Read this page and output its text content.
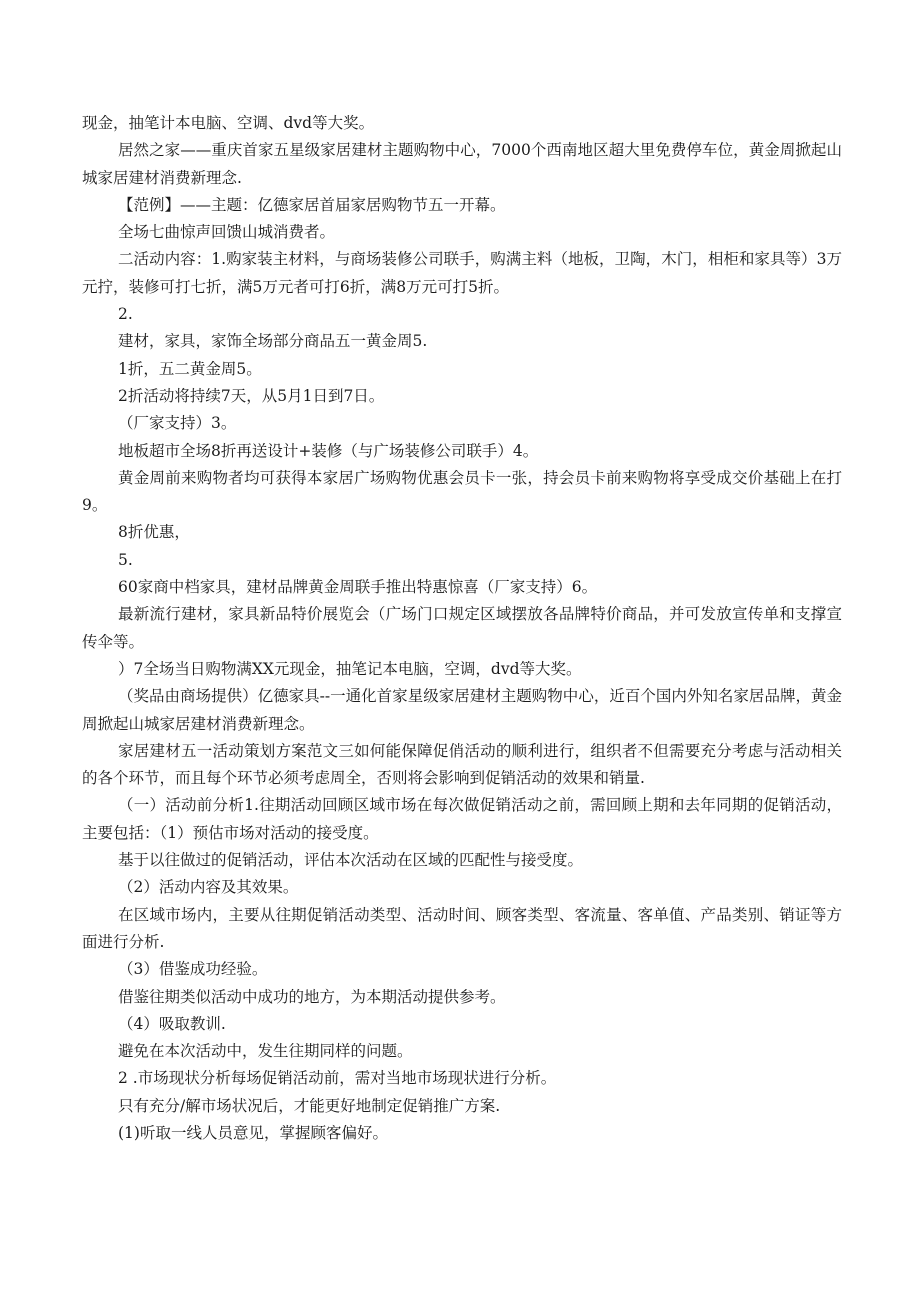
现金，抽笔计本电脑、空调、dvd等大奖。

居然之家——重庆首家五星级家居建材主题购物中心，7000个西南地区超大里免费停车位，黄金周掀起山城家居建材消费新理念.

【范例】——主题：亿德家居首届家居购物节五一开幕。

全场七曲惊声回馈山城消费者。

二活动内容：1.购家装主材料，与商场装修公司联手，购满主料（地板，卫陶，木门，相柜和家具等）3万元拧，装修可打七折，满5万元者可打6折，满8万元可打5折。

2.

建材，家具，家饰全场部分商品五一黄金周5.

1折，五二黄金周5。

2折活动将持续7天，从5月1日到7日。

（厂家支持）3。

地板超市全场8折再送设计+装修（与广场装修公司联手）4。

黄金周前来购物者均可获得本家居广场购物优惠会员卡一张，持会员卡前来购物将享受成交价基础上在打9。

8折优惠，

5.

60家商中档家具，建材品牌黄金周联手推出特惠惊喜（厂家支持）6。

最新流行建材，家具新品特价展览会（广场门口规定区域摆放各品牌特价商品，并可发放宣传单和支撑宣传伞等。

）7全场当日购物满XX元现金，抽笔记本电脑，空调，dvd等大奖。

（奖品由商场提供）亿德家具--一通化首家星级家居建材主题购物中心，近百个国内外知名家居品牌，黄金周掀起山城家居建材消费新理念。

家居建材五一活动策划方案范文三如何能保障促俏活动的顺利进行，组织者不但需要充分考虑与活动相关的各个环节，而且每个环节必须考虑周全，否则将会影响到促销活动的效果和销量.

（一）活动前分析1.往期活动回顾区域市场在每次做促销活动之前，需回顾上期和去年同期的促销活动，主要包括：（1）预估市场对活动的接受度。

基于以往做过的促销活动，评估本次活动在区域的匹配性与接受度。

（2）活动内容及其效果。

在区域市场内，主要从往期促销活动类型、活动时间、顾客类型、客流量、客单值、产品类别、销证等方面进行分析.

（3）借鉴成功经验。

借鉴往期类似活动中成功的地方，为本期活动提供参考。

（4）吸取教训.

避免在本次活动中，发生往期同样的问题。

2 .市场现状分析每场促销活动前，需对当地市场现状进行分析。

只有充分/解市场状况后，才能更好地制定促销推广方案.

(1)听取一线人员意见，掌握顾客偏好。
